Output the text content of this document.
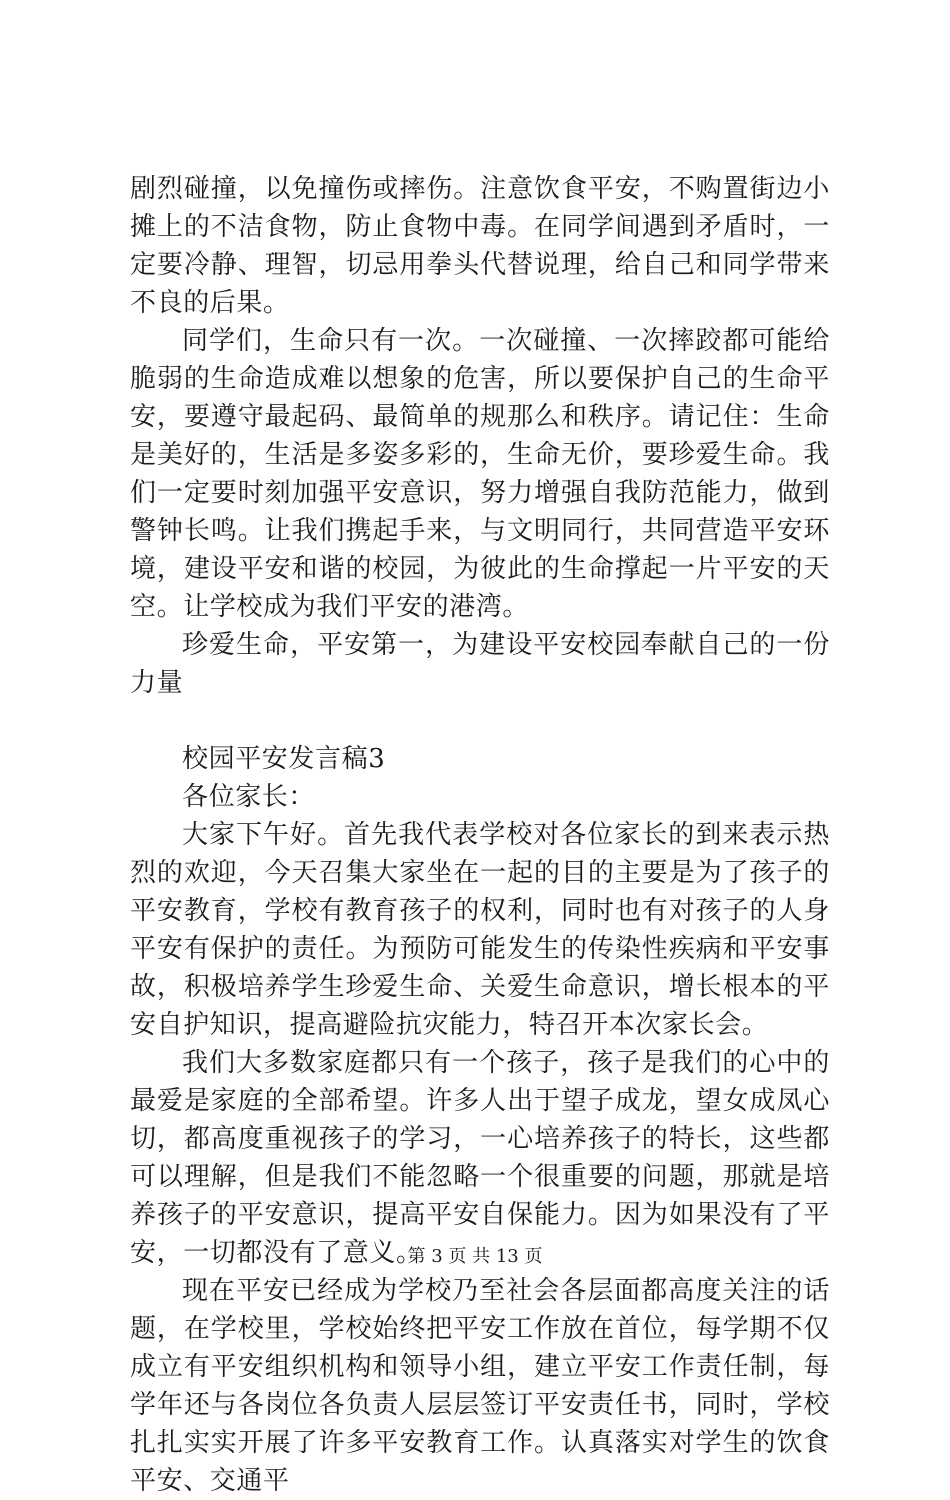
剧烈碰撞，以免撞伤或摔伤。注意饮食平安，不购置街边小摊上的不洁食物，防止食物中毒。在同学间遇到矛盾时，一定要冷静、理智，切忌用拳头代替说理，给自己和同学带来不良的后果。

同学们，生命只有一次。一次碰撞、一次摔跤都可能给脆弱的生命造成难以想象的危害，所以要保护自己的生命平安，要遵守最起码、最简单的规那么和秩序。请记住：生命是美好的，生活是多姿多彩的，生命无价，要珍爱生命。我们一定要时刻加强平安意识，努力增强自我防范能力，做到警钟长鸣。让我们携起手来，与文明同行，共同营造平安环境，建设平安和谐的校园，为彼此的生命撑起一片平安的天空。让学校成为我们平安的港湾。

珍爱生命，平安第一，为建设平安校园奉献自己的一份力量

校园平安发言稿3

各位家长：

大家下午好。首先我代表学校对各位家长的到来表示热烈的欢迎，今天召集大家坐在一起的目的主要是为了孩子的平安教育，学校有教育孩子的权利，同时也有对孩子的人身平安有保护的责任。为预防可能发生的传染性疾病和平安事故，积极培养学生珍爱生命、关爱生命意识，增长根本的平安自护知识，提高避险抗灾能力，特召开本次家长会。

我们大多数家庭都只有一个孩子，孩子是我们的心中的最爱是家庭的全部希望。许多人出于望子成龙，望女成凤心切，都高度重视孩子的学习，一心培养孩子的特长，这些都可以理解，但是我们不能忽略一个很重要的问题，那就是培养孩子的平安意识，提高平安自保能力。因为如果没有了平安，一切都没有了意义。

现在平安已经成为学校乃至社会各层面都高度关注的话题，在学校里，学校始终把平安工作放在首位，每学期不仅成立有平安组织机构和领导小组，建立平安工作责任制，每学年还与各岗位各负责人层层签订平安责任书，同时，学校扎扎实实开展了许多平安教育工作。认真落实对学生的饮食平安、交通平

第 3 页 共 13 页
